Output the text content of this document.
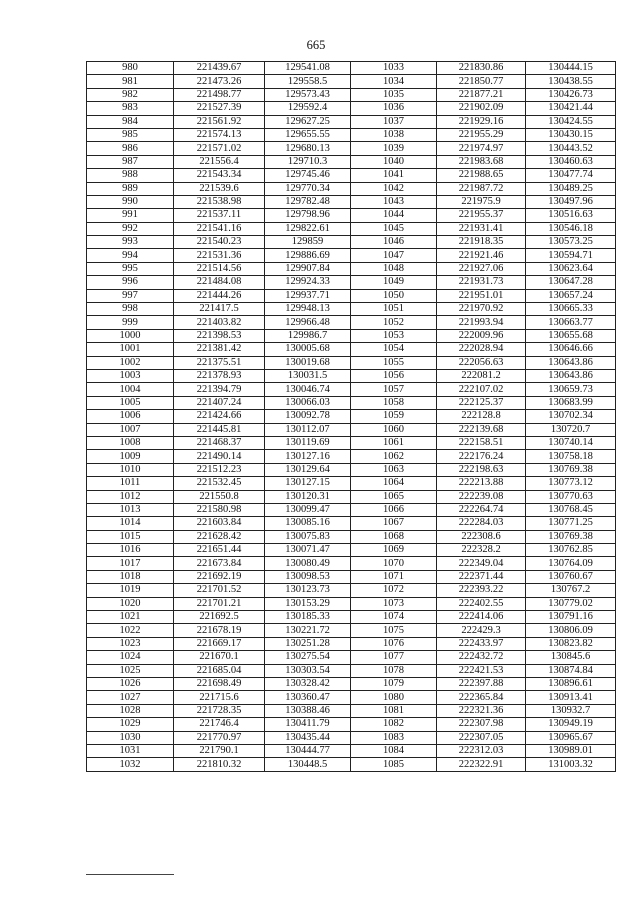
665
980	221439.67	129541.08	1033	221830.86	130444.15
981	221473.26	129558.5	1034	221850.77	130438.55
982	221498.77	129573.43	1035	221877.21	130426.73
983	221527.39	129592.4	1036	221902.09	130421.44
984	221561.92	129627.25	1037	221929.16	130424.55
985	221574.13	129655.55	1038	221955.29	130430.15
986	221571.02	129680.13	1039	221974.97	130443.52
987	221556.4	129710.3	1040	221983.68	130460.63
988	221543.34	129745.46	1041	221988.65	130477.74
989	221539.6	129770.34	1042	221987.72	130489.25
990	221538.98	129782.48	1043	221975.9	130497.96
991	221537.11	129798.96	1044	221955.37	130516.63
992	221541.16	129822.61	1045	221931.41	130546.18
993	221540.23	129859	1046	221918.35	130573.25
994	221531.36	129886.69	1047	221921.46	130594.71
995	221514.56	129907.84	1048	221927.06	130623.64
996	221484.08	129924.33	1049	221931.73	130647.28
997	221444.26	129937.71	1050	221951.01	130657.24
998	221417.5	129948.13	1051	221970.92	130665.33
999	221403.82	129966.48	1052	221993.94	130663.77
1000	221398.53	129986.7	1053	222009.96	130655.68
1001	221381.42	130005.68	1054	222028.94	130646.66
1002	221375.51	130019.68	1055	222056.63	130643.86
1003	221378.93	130031.5	1056	222081.2	130643.86
1004	221394.79	130046.74	1057	222107.02	130659.73
1005	221407.24	130066.03	1058	222125.37	130683.99
1006	221424.66	130092.78	1059	222128.8	130702.34
1007	221445.81	130112.07	1060	222139.68	130720.7
1008	221468.37	130119.69	1061	222158.51	130740.14
1009	221490.14	130127.16	1062	222176.24	130758.18
1010	221512.23	130129.64	1063	222198.63	130769.38
1011	221532.45	130127.15	1064	222213.88	130773.12
1012	221550.8	130120.31	1065	222239.08	130770.63
1013	221580.98	130099.47	1066	222264.74	130768.45
1014	221603.84	130085.16	1067	222284.03	130771.25
1015	221628.42	130075.83	1068	222308.6	130769.38
1016	221651.44	130071.47	1069	222328.2	130762.85
1017	221673.84	130080.49	1070	222349.04	130764.09
1018	221692.19	130098.53	1071	222371.44	130760.67
1019	221701.52	130123.73	1072	222393.22	130767.2
1020	221701.21	130153.29	1073	222402.55	130779.02
1021	221692.5	130185.33	1074	222414.06	130791.16
1022	221678.19	130221.72	1075	222429.3	130806.09
1023	221669.17	130251.28	1076	222433.97	130823.82
1024	221670.1	130275.54	1077	222432.72	130845.6
1025	221685.04	130303.54	1078	222421.53	130874.84
1026	221698.49	130328.42	1079	222397.88	130896.61
1027	221715.6	130360.47	1080	222365.84	130913.41
1028	221728.35	130388.46	1081	222321.36	130932.7
1029	221746.4	130411.79	1082	222307.98	130949.19
1030	221770.97	130435.44	1083	222307.05	130965.67
1031	221790.1	130444.77	1084	222312.03	130989.01
1032	221810.32	130448.5	1085	222322.91	131003.32
